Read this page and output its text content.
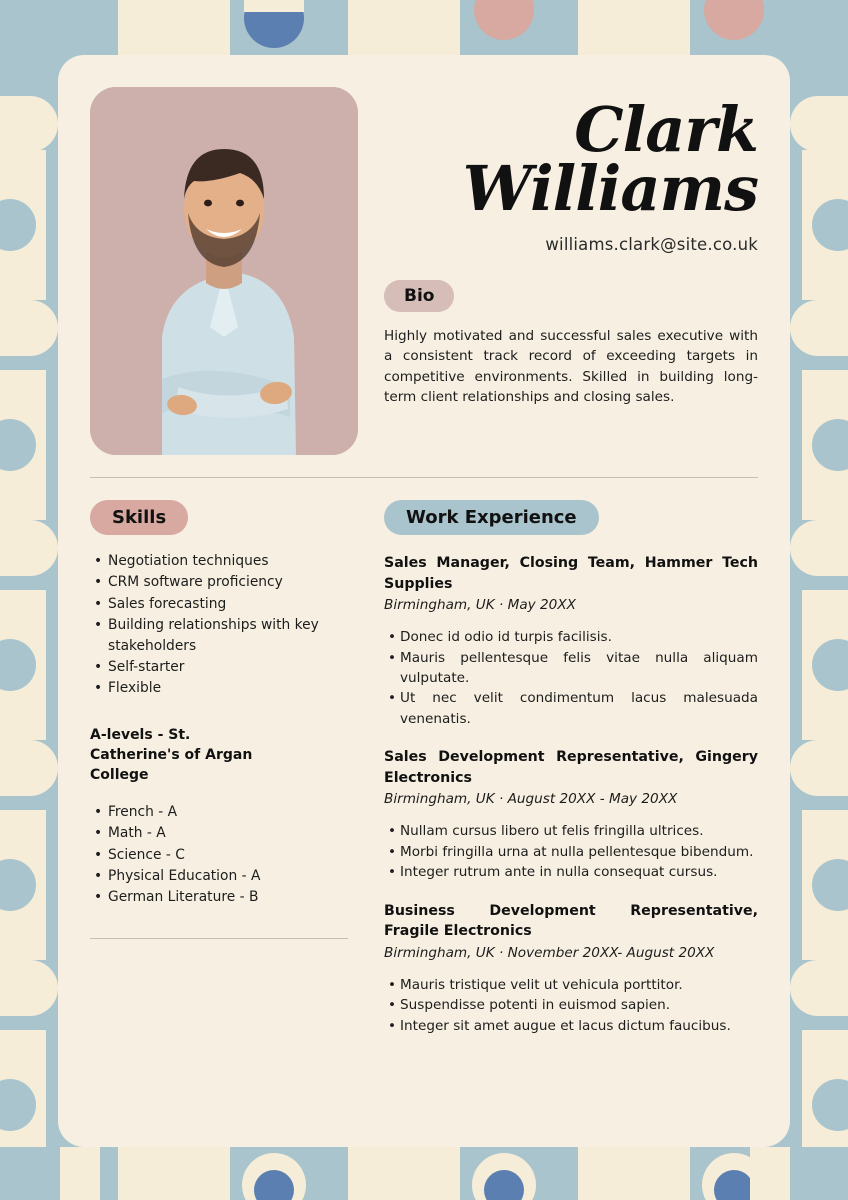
Clark
Williams
williams.clark@site.co.uk
Bio

Highly motivated and successful sales executive with a consistent track record of exceeding targets in competitive environments. Skilled in building long-term client relationships and closing sales.

Skills
• Negotiation techniques
• CRM software proficiency
• Sales forecasting
• Building relationships with key stakeholders
• Self-starter
• Flexible
A-levels - St. Catherine's of Argan College
• French - A
• Math - A
• Science - C
• Physical Education - A
• German Literature - B
Work Experience
Sales Manager, Closing Team, Hammer Tech Supplies
Birmingham, UK · May 20XX
• Donec id odio id turpis facilisis.
• Mauris pellentesque felis vitae nulla aliquam vulputate.
• Ut nec velit condimentum lacus malesuada venenatis.
Sales Development Representative, Gingery Electronics
Birmingham, UK · August 20XX - May 20XX
• Nullam cursus libero ut felis fringilla ultrices.
• Morbi fringilla urna at nulla pellentesque bibendum.
• Integer rutrum ante in nulla consequat cursus.
Business Development Representative, Fragile Electronics
Birmingham, UK · November 20XX- August 20XX
• Mauris tristique velit ut vehicula porttitor.
• Suspendisse potenti in euismod sapien.
• Integer sit amet augue et lacus dictum faucibus.
